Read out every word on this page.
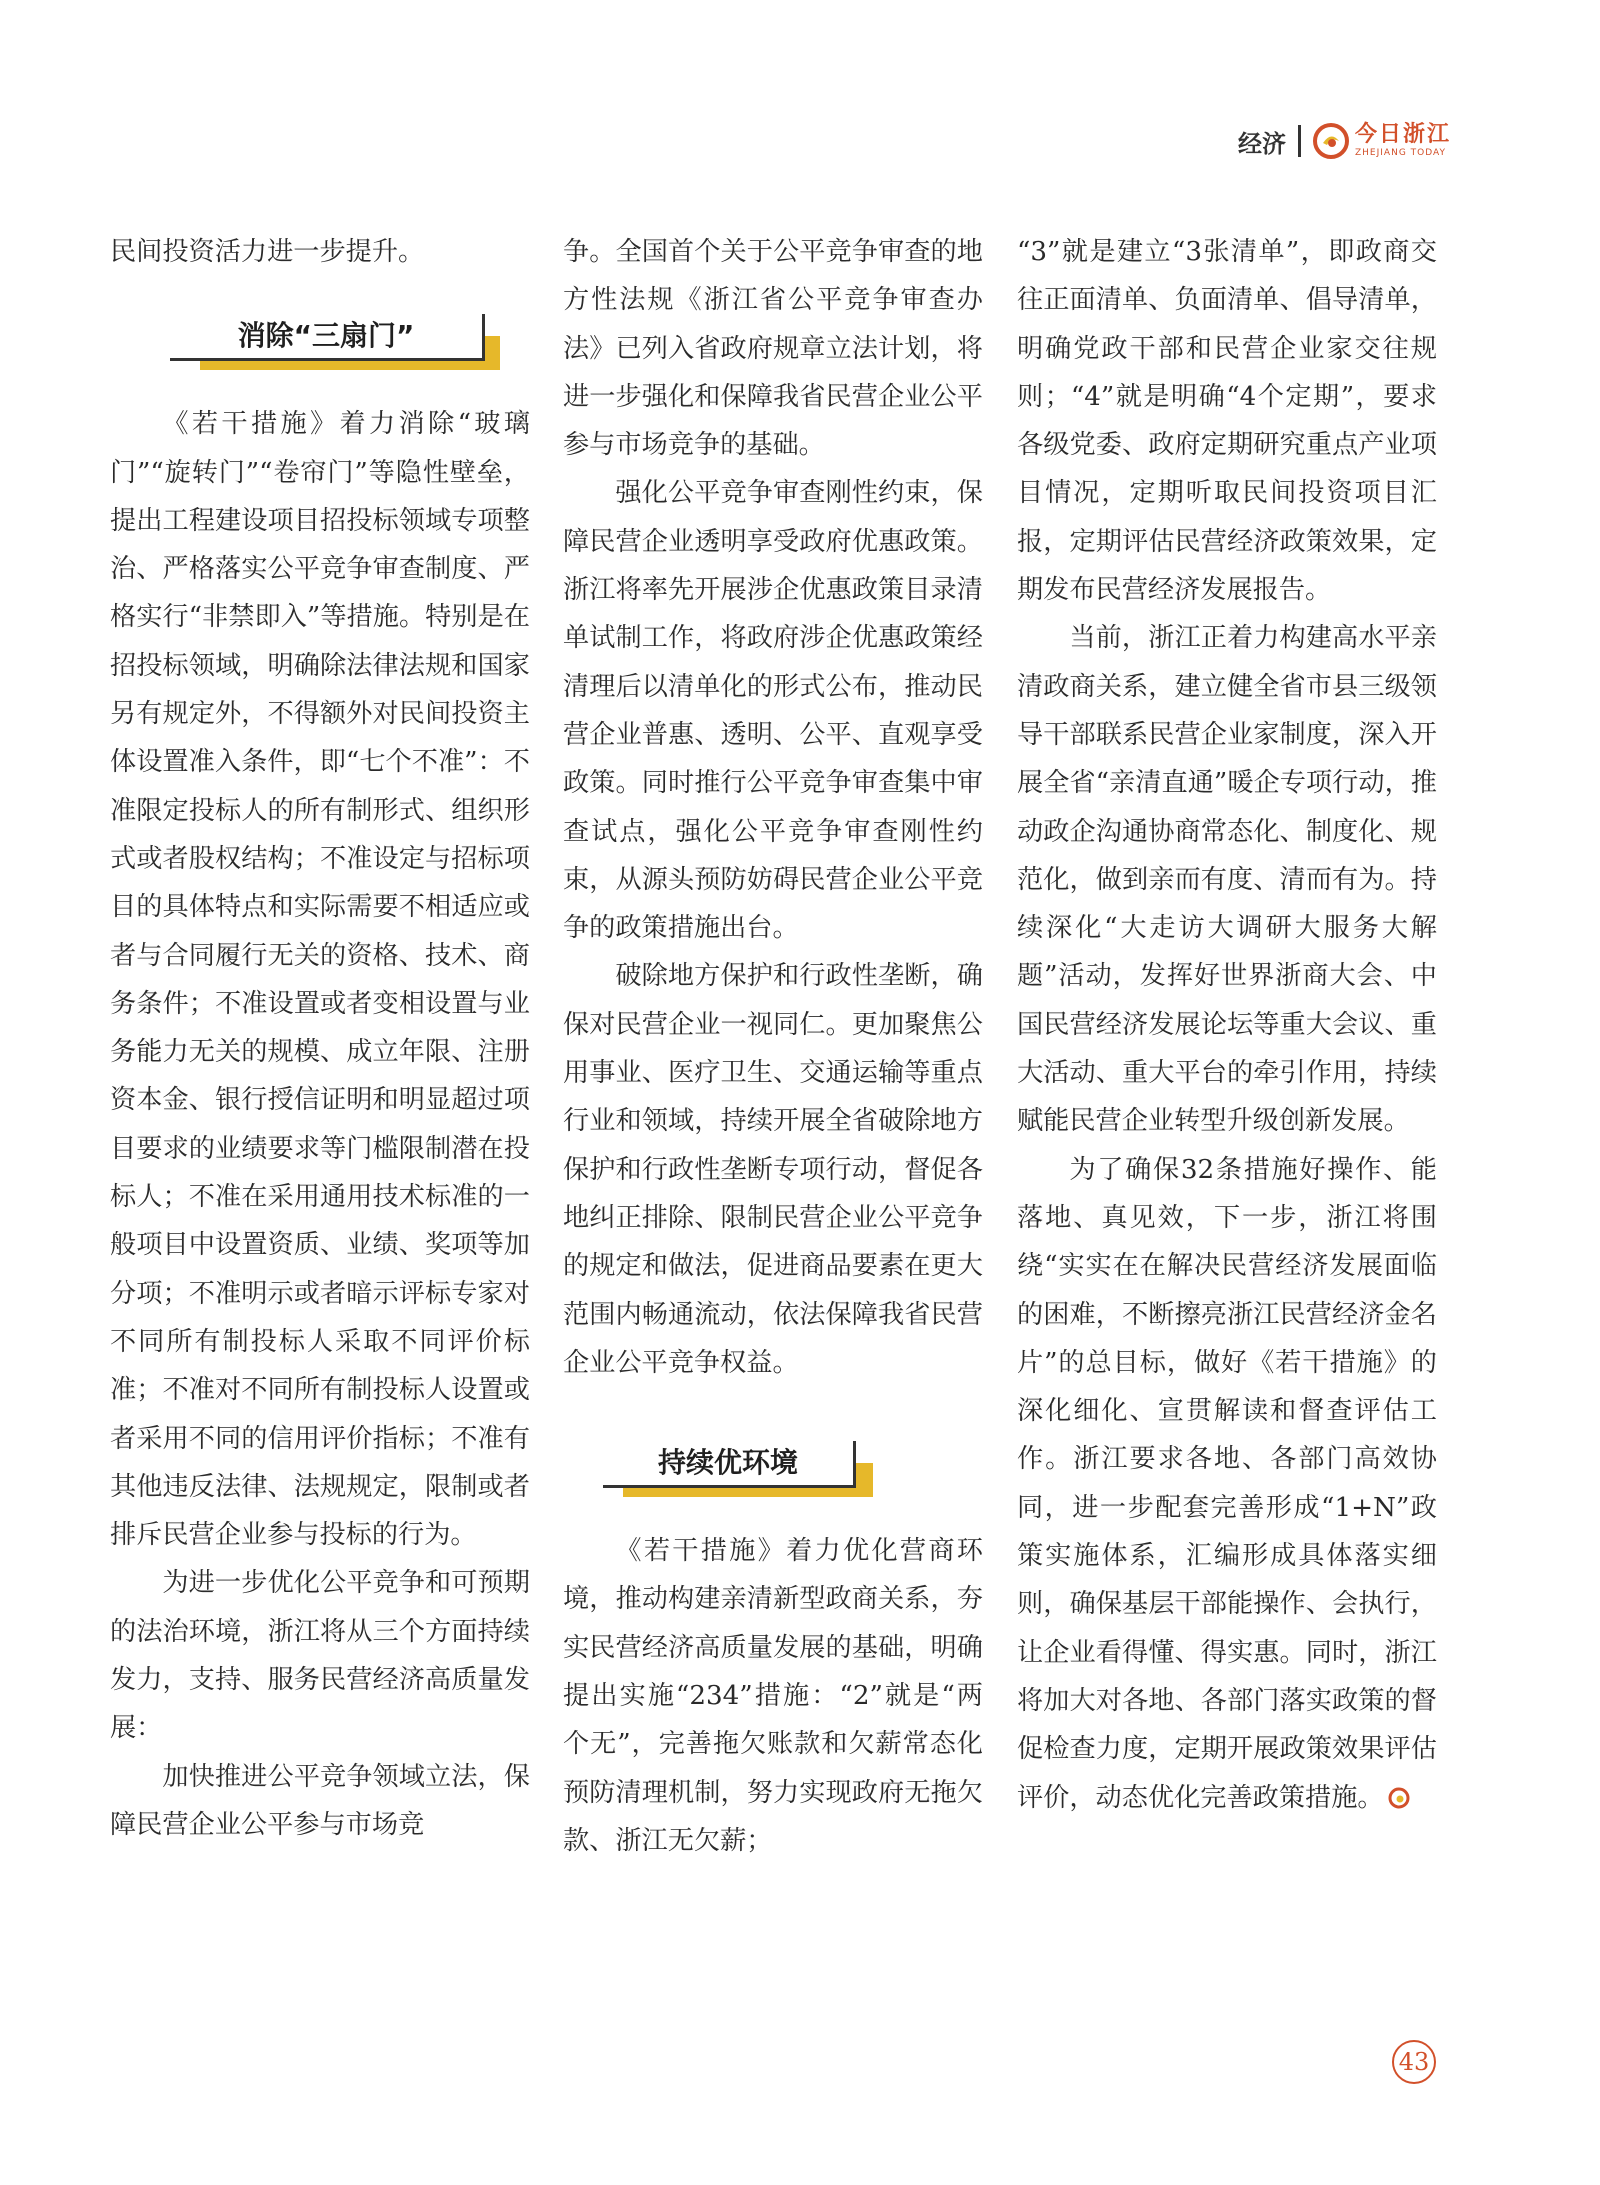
经济	今日浙江
ZHEJIANG TODAY

民间投资活力进一步提升。

消除“三扇门”

《若干措施》着力消除“玻璃门”“旋转门”“卷帘门”等隐性壁垒，提出工程建设项目招投标领域专项整治、严格落实公平竞争审查制度、严格实行“非禁即入”等措施。特别是在招投标领域，明确除法律法规和国家另有规定外，不得额外对民间投资主体设置准入条件，即“七个不准”：不准限定投标人的所有制形式、组织形式或者股权结构；不准设定与招标项目的具体特点和实际需要不相适应或者与合同履行无关的资格、技术、商务条件；不准设置或者变相设置与业务能力无关的规模、成立年限、注册资本金、银行授信证明和明显超过项目要求的业绩要求等门槛限制潜在投标人；不准在采用通用技术标准的一般项目中设置资质、业绩、奖项等加分项；不准明示或者暗示评标专家对不同所有制投标人采取不同评价标准；不准对不同所有制投标人设置或者采用不同的信用评价指标；不准有其他违反法律、法规规定，限制或者排斥民营企业参与投标的行为。

为进一步优化公平竞争和可预期的法治环境，浙江将从三个方面持续发力，支持、服务民营经济高质量发展：

加快推进公平竞争领域立法，保障民营企业公平参与市场竞

争。全国首个关于公平竞争审查的地方性法规《浙江省公平竞争审查办法》已列入省政府规章立法计划，将进一步强化和保障我省民营企业公平参与市场竞争的基础。

强化公平竞争审查刚性约束，保障民营企业透明享受政府优惠政策。浙江将率先开展涉企优惠政策目录清单试制工作，将政府涉企优惠政策经清理后以清单化的形式公布，推动民营企业普惠、透明、公平、直观享受政策。同时推行公平竞争审查集中审查试点，强化公平竞争审查刚性约束，从源头预防妨碍民营企业公平竞争的政策措施出台。

破除地方保护和行政性垄断，确保对民营企业一视同仁。更加聚焦公用事业、医疗卫生、交通运输等重点行业和领域，持续开展全省破除地方保护和行政性垄断专项行动，督促各地纠正排除、限制民营企业公平竞争的规定和做法，促进商品要素在更大范围内畅通流动，依法保障我省民营企业公平竞争权益。

持续优环境

《若干措施》着力优化营商环境，推动构建亲清新型政商关系，夯实民营经济高质量发展的基础，明确提出实施“234”措施：“2”就是“两个无”，完善拖欠账款和欠薪常态化预防清理机制，努力实现政府无拖欠款、浙江无欠薪；

“3”就是建立“3张清单”，即政商交往正面清单、负面清单、倡导清单，明确党政干部和民营企业家交往规则；“4”就是明确“4个定期”，要求各级党委、政府定期研究重点产业项目情况，定期听取民间投资项目汇报，定期评估民营经济政策效果，定期发布民营经济发展报告。

当前，浙江正着力构建高水平亲清政商关系，建立健全省市县三级领导干部联系民营企业家制度，深入开展全省“亲清直通”暖企专项行动，推动政企沟通协商常态化、制度化、规范化，做到亲而有度、清而有为。持续深化“大走访大调研大服务大解题”活动，发挥好世界浙商大会、中国民营经济发展论坛等重大会议、重大活动、重大平台的牵引作用，持续赋能民营企业转型升级创新发展。

为了确保32条措施好操作、能落地、真见效，下一步，浙江将围绕“实实在在解决民营经济发展面临的困难，不断擦亮浙江民营经济金名片”的总目标，做好《若干措施》的深化细化、宣贯解读和督查评估工作。浙江要求各地、各部门高效协同，进一步配套完善形成“1+N”政策实施体系，汇编形成具体落实细则，确保基层干部能操作、会执行，让企业看得懂、得实惠。同时，浙江将加大对各地、各部门落实政策的督促检查力度，定期开展政策效果评估评价，动态优化完善政策措施。

43
